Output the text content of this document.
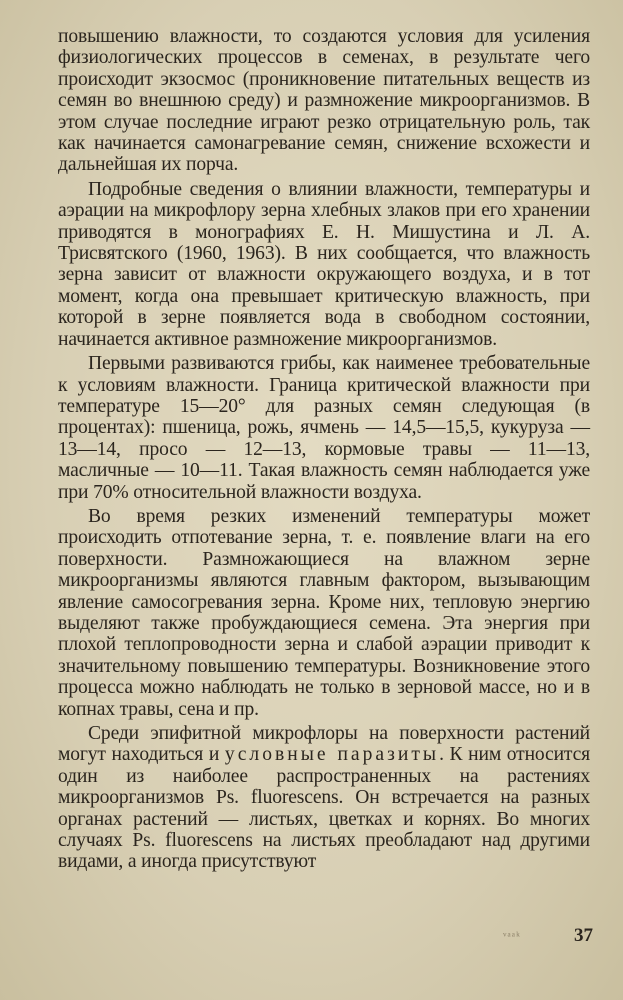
повышению влажности, то создаются условия для усиления физиологических процессов в семенах, в результате чего происходит экзосмос (проникновение питательных веществ из семян во внешнюю среду) и размножение микроорганизмов. В этом случае последние играют резко отрицательную роль, так как начинается самонагревание семян, снижение всхожести и дальнейшая их порча.

Подробные сведения о влиянии влажности, температуры и аэрации на микрофлору зерна хлебных злаков при его хранении приводятся в монографиях Е. Н. Мишустина и Л. А. Трисвятского (1960, 1963). В них сообщается, что влажность зерна зависит от влажности окружающего воздуха, и в тот момент, когда она превышает критическую влажность, при которой в зерне появляется вода в свободном состоянии, начинается активное размножение микроорганизмов.

Первыми развиваются грибы, как наименее требовательные к условиям влажности. Граница критической влажности при температуре 15—20° для разных семян следующая (в процентах): пшеница, рожь, ячмень — 14,5—15,5, кукуруза — 13—14, просо — 12—13, кормовые травы — 11—13, масличные — 10—11. Такая влажность семян наблюдается уже при 70% относительной влажности воздуха.

Во время резких изменений температуры может происходить отпотевание зерна, т. е. появление влаги на его поверхности. Размножающиеся на влажном зерне микроорганизмы являются главным фактором, вызывающим явление самосогревания зерна. Кроме них, тепловую энергию выделяют также пробуждающиеся семена. Эта энергия при плохой теплопроводности зерна и слабой аэрации приводит к значительному повышению температуры. Возникновение этого процесса можно наблюдать не только в зерновой массе, но и в копнах травы, сена и пр.

Среди эпифитной микрофлоры на поверхности растений могут находиться и условные паразиты. К ним относится один из наиболее распространенных на растениях микроорганизмов Ps. fluorescens. Он встречается на разных органах растений — листьях, цветках и корнях. Во многих случаях Ps. fluorescens на листьях преобладают над другими видами, а иногда присутствуют

ᵛᵃᵃᵏ	37
